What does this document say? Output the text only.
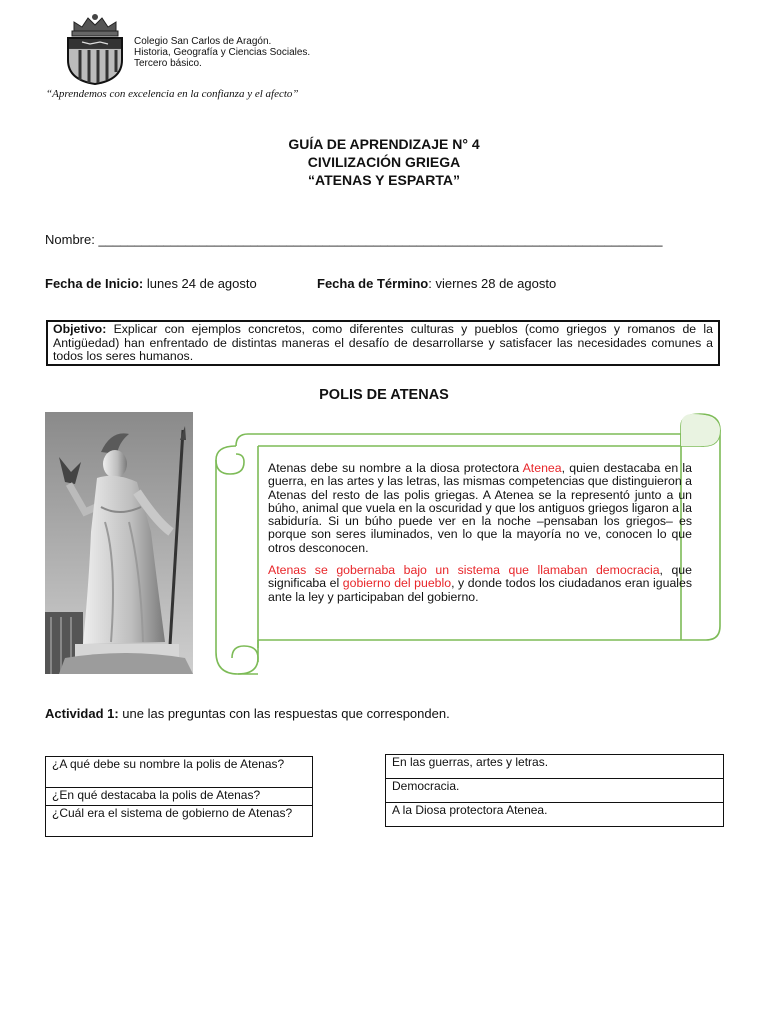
Colegio San Carlos de Aragón.
Historia, Geografía y Ciencias Sociales.
Tercero básico.
“Aprendemos con excelencia en la confianza y el afecto”
GUÍA DE APRENDIZAJE N° 4
CIVILIZACIÓN GRIEGA
“ATENAS Y ESPARTA”
Nombre: ______________________________________________________________________________
Fecha de Inicio: lunes 24 de agosto	Fecha de Término: viernes 28 de agosto
Objetivo: Explicar con ejemplos concretos, como diferentes culturas y pueblos (como griegos y romanos de la Antigüedad) han enfrentado de distintas maneras el desafío de desarrollarse y satisfacer las necesidades comunes a todos los seres humanos.
POLIS DE ATENAS
Atenas debe su nombre a la diosa protectora Atenea, quien destacaba en la guerra, en las artes y las letras, las mismas competencias que distinguieron a Atenas del resto de las polis griegas. A Atenea se la representó junto a un búho, animal que vuela en la oscuridad y que los antiguos griegos ligaron a la sabiduría. Si un búho puede ver en la noche –pensaban los griegos– es porque son seres iluminados, ven lo que la mayoría no ve, conocen lo que otros desconocen.
Atenas se gobernaba bajo un sistema que llamaban democracia, que significaba el gobierno del pueblo, y donde todos los ciudadanos eran iguales ante la ley y participaban del gobierno.
Actividad 1: une las preguntas con las respuestas que corresponden.
¿A qué debe su nombre la polis de Atenas?
¿En qué destacaba la polis de Atenas?
¿Cuál era el sistema de gobierno de Atenas?
En las guerras, artes y letras.
Democracia.
A la Diosa protectora Atenea.
